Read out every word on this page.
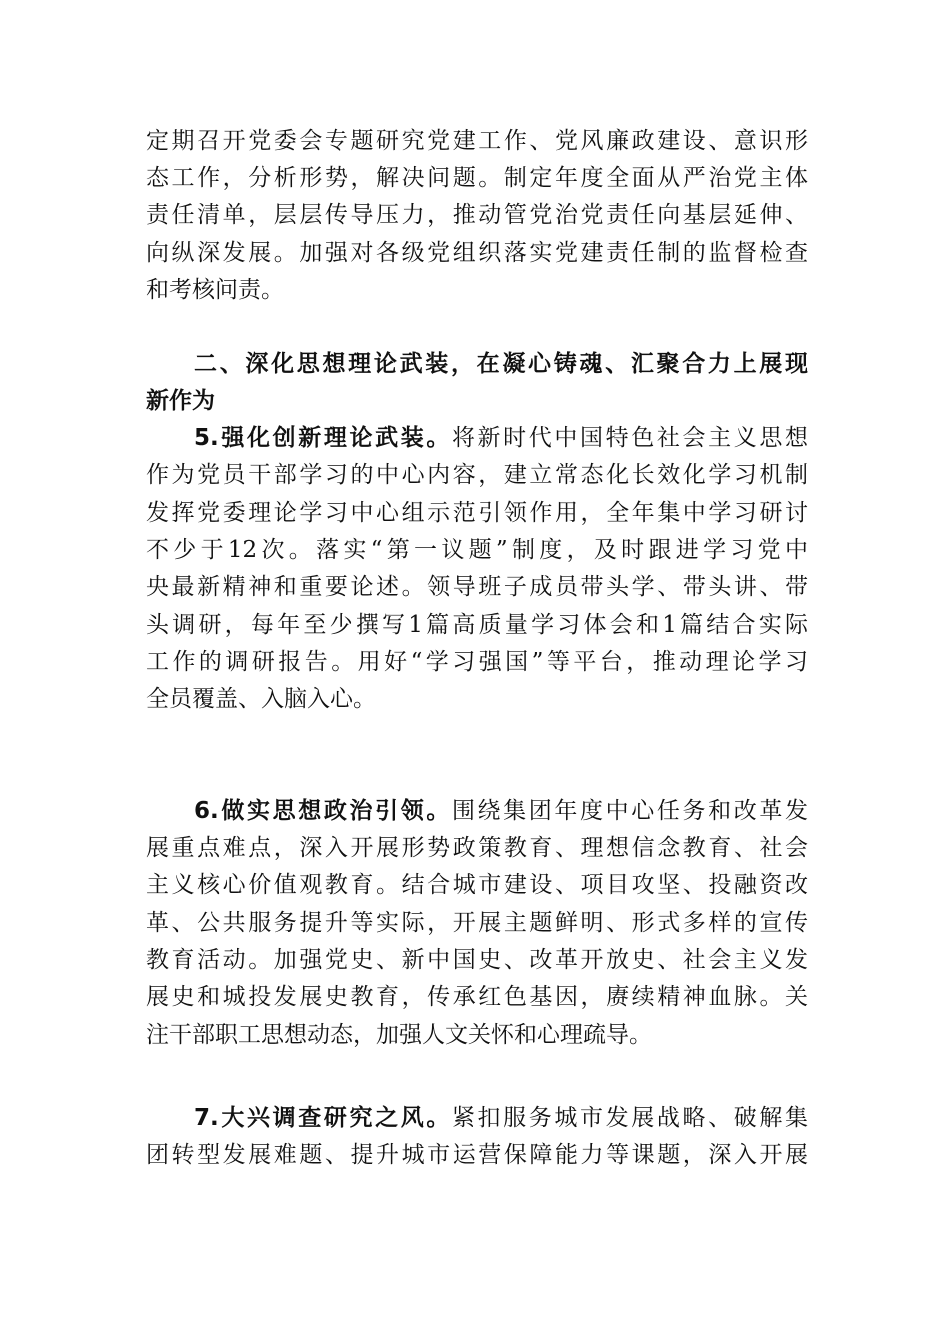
定期召开党委会专题研究党建工作、党风廉政建设、意识形
态工作，分析形势，解决问题。制定年度全面从严治党主体
责任清单，层层传导压力，推动管党治党责任向基层延伸、
向纵深发展。加强对各级党组织落实党建责任制的监督检查
和考核问责。
二、深化思想理论武装，在凝心铸魂、汇聚合力上展现
新作为
5.强化创新理论武装。将新时代中国特色社会主义思想
作为党员干部学习的中心内容，建立常态化长效化学习机制
发挥党委理论学习中心组示范引领作用，全年集中学习研讨
不少于12次。落实“第一议题”制度，及时跟进学习党中
央最新精神和重要论述。领导班子成员带头学、带头讲、带
头调研，每年至少撰写1篇高质量学习体会和1篇结合实际
工作的调研报告。用好“学习强国”等平台，推动理论学习
全员覆盖、入脑入心。
6.做实思想政治引领。围绕集团年度中心任务和改革发
展重点难点，深入开展形势政策教育、理想信念教育、社会
主义核心价值观教育。结合城市建设、项目攻坚、投融资改
革、公共服务提升等实际，开展主题鲜明、形式多样的宣传
教育活动。加强党史、新中国史、改革开放史、社会主义发
展史和城投发展史教育，传承红色基因，赓续精神血脉。关
注干部职工思想动态，加强人文关怀和心理疏导。
7.大兴调查研究之风。紧扣服务城市发展战略、破解集
团转型发展难题、提升城市运营保障能力等课题，深入开展
